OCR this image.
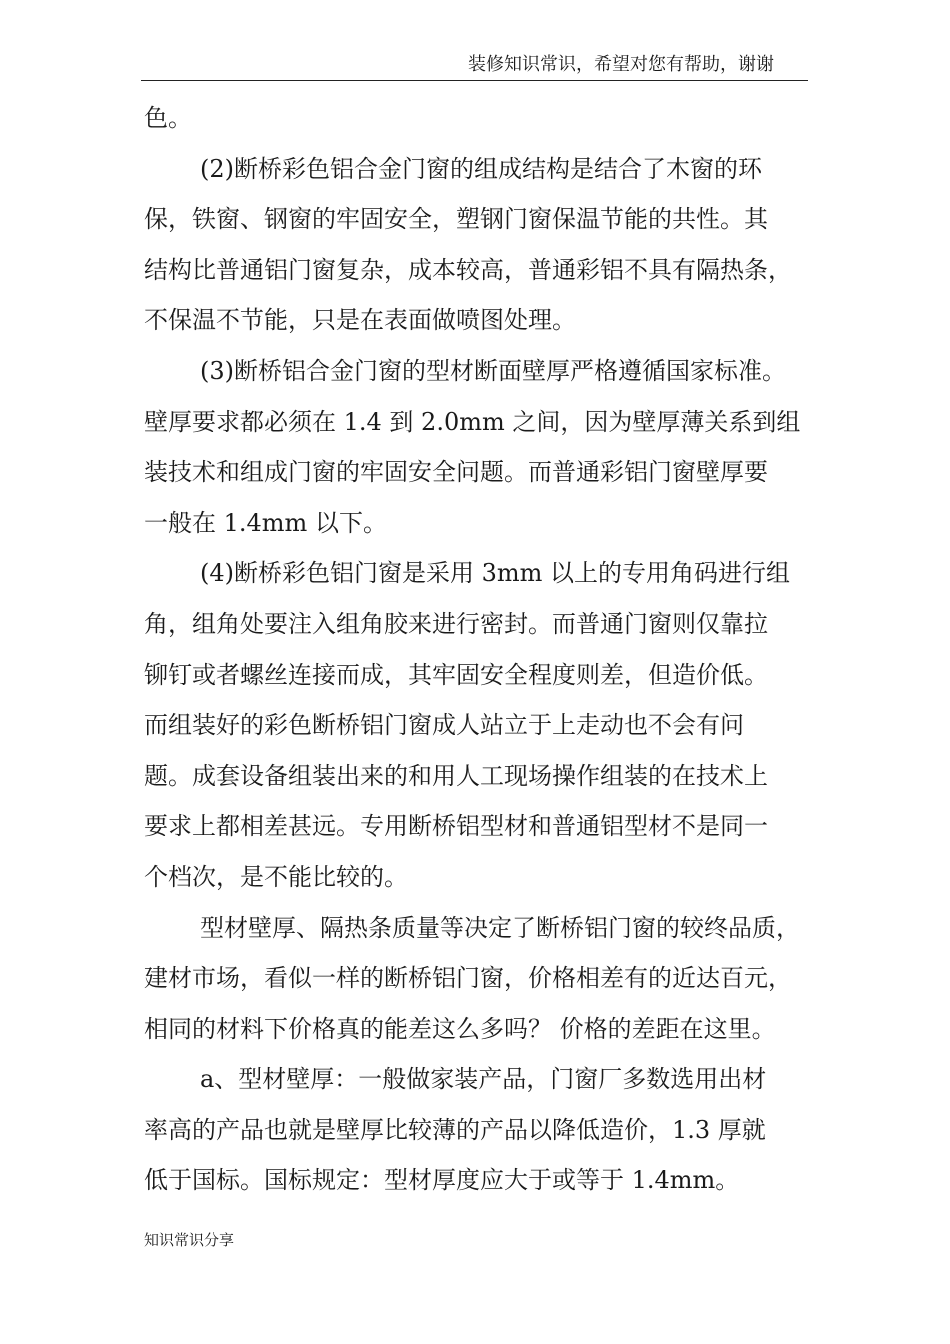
装修知识常识，希望对您有帮助，谢谢
色。
(2)断桥彩色铝合金门窗的组成结构是结合了木窗的环
保，铁窗、钢窗的牢固安全，塑钢门窗保温节能的共性。其
结构比普通铝门窗复杂，成本较高，普通彩铝不具有隔热条，
不保温不节能，只是在表面做喷图处理。
(3)断桥铝合金门窗的型材断面壁厚严格遵循国家标准。
壁厚要求都必须在 1.4 到 2.0mm 之间，因为壁厚薄关系到组
装技术和组成门窗的牢固安全问题。而普通彩铝门窗壁厚要
一般在 1.4mm 以下。
(4)断桥彩色铝门窗是采用 3mm 以上的专用角码进行组
角，组角处要注入组角胶来进行密封。而普通门窗则仅靠拉
铆钉或者螺丝连接而成，其牢固安全程度则差，但造价低。
而组装好的彩色断桥铝门窗成人站立于上走动也不会有问
题。成套设备组装出来的和用人工现场操作组装的在技术上
要求上都相差甚远。专用断桥铝型材和普通铝型材不是同一
个档次，是不能比较的。
型材壁厚、隔热条质量等决定了断桥铝门窗的较终品质，
建材市场，看似一样的断桥铝门窗，价格相差有的近达百元，
相同的材料下价格真的能差这么多吗？ 价格的差距在这里。
a、型材壁厚：一般做家装产品，门窗厂多数选用出材
率高的产品也就是壁厚比较薄的产品以降低造价，1.3 厚就
低于国标。国标规定：型材厚度应大于或等于 1.4mm。
知识常识分享
